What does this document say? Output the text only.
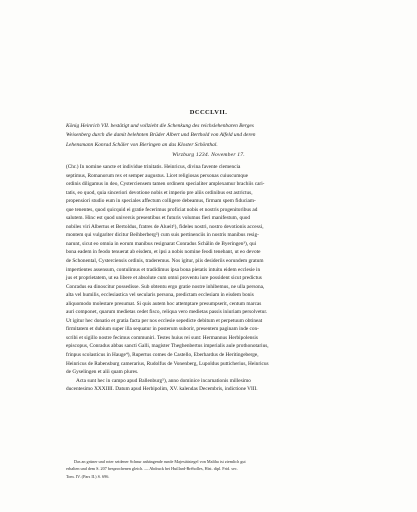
DCCCLVII.
König Heinrich VII. bestätigt und vollzieht die Schenkung des reichslehenbaren Berges
Weisenberg durch die damit belehnten Brüder Albert und Berthold von Alfeld und deren
Lehensmann Konrad Schäler von Bieringen an das Kloster Schönthal.
Wirzburg 1234. November 17.
(Chr.) In nomine sancte et individue trinitatis. Heinricus, divina favente clemencia
septimus, Romanorum rex et semper augustus. Licet religiosas personas cuiuscumque
ordinis diligamus in deo, Cysterciensem tamen ordinem specialiter amplexamur brachiis cari-
tatis, eo quod, quia sinceriori devotione nobis et imperio pre aliis ordinibus est astrictus,
propensiori studio eum in speciales affectum colligere debeamus, firmam spem fiduciam-
que tenentes, quod quicquid ei gratie fecerimus proficiat nobis et nostris progenitoribus ad
salutem. Hinc est quod universis presentibus et futuris volumus fieri manifestum, quod
nobiles viri Albertus et Bertoldus, fratres de Alueit¹), fideles nostri, nostro devotionis accessi,
montem qui vulgariter dicitur Beihberberg²) cum suis pertinenciis in nostris manibus resig-
narunt, sicut eo omnia in eorum manibus resignarat Conradus Schälin de Byeringen³), qui
bona eadem in feodo tenuerat ab eisdem, et ipsi a nobis nomine feodi tenebant, ut eo devote
de Schonental, Cysterciensis ordinis, traderemus. Nos igitur, piis desideriis eorundem gratum
impertientes assensum, contulimus et tradidimus ipsa bona pietatis intuitu eidem ecclesie in
jus et proprietatem, ut ea libere et absolute cum omni proventu iure possident sicut predictus
Conradus ea dinoscitur possedisse. Sub obtentu ergo gratie nostre inhibemus, ne ulla persona,
alta vel humilis, ecclesiastica vel secularis persona, predictam ecclesiam in eisdem bonis
aliquomodo molestare presumat. Si quis autem hoc attemptare presumpserit, centum marcas
auri componet, quarum medietas cedet fisco, reliqua vero medietas passis iniuriam persolvetur.
Ut igitur hec donatio et gratia facta per nos ecclesie sepedicte debitum et perpetuum obtineat
firmitatem et dubium super illa sequatur in posterum suborir, presentem paginam inde con-
scribi et sigillo nostre fecimus communiri. Testes huius rei sunt: Hermannus Herbipolensis
episcopus, Conradus abbas sancti Galli, magister Theghenbertus imperialis aule prothonotarius,
frinpus scolasticus in Hauge⁴), Rupertus comes de Castello, Eberhardus de Heritingeberge,
Heinricus de Rabensburg camerarius, Rudolfus de Vonenberg, Lupoldus putticherius, Heinricus
de Gyselingen et alii quam plures.
Acta sunt hec in campo apud Ballenburg⁵), anno dominice incarnationis millesimo
ducentesimo XXXIIII. Datum apud Herbipolim, XV. kalendas Decembris, indictione VIII.
Das an grüner und roter seidener Schnur anhängende runde Majestätsiegel von Maltha ist ziemlich gut
erhalten und dem S. 207 besprochenen gleich. — Abdruck bei Huillard-Bréholles, Hist. dipl. Frid. sec.
Tom. IV. (Pars II.) S. 696.
